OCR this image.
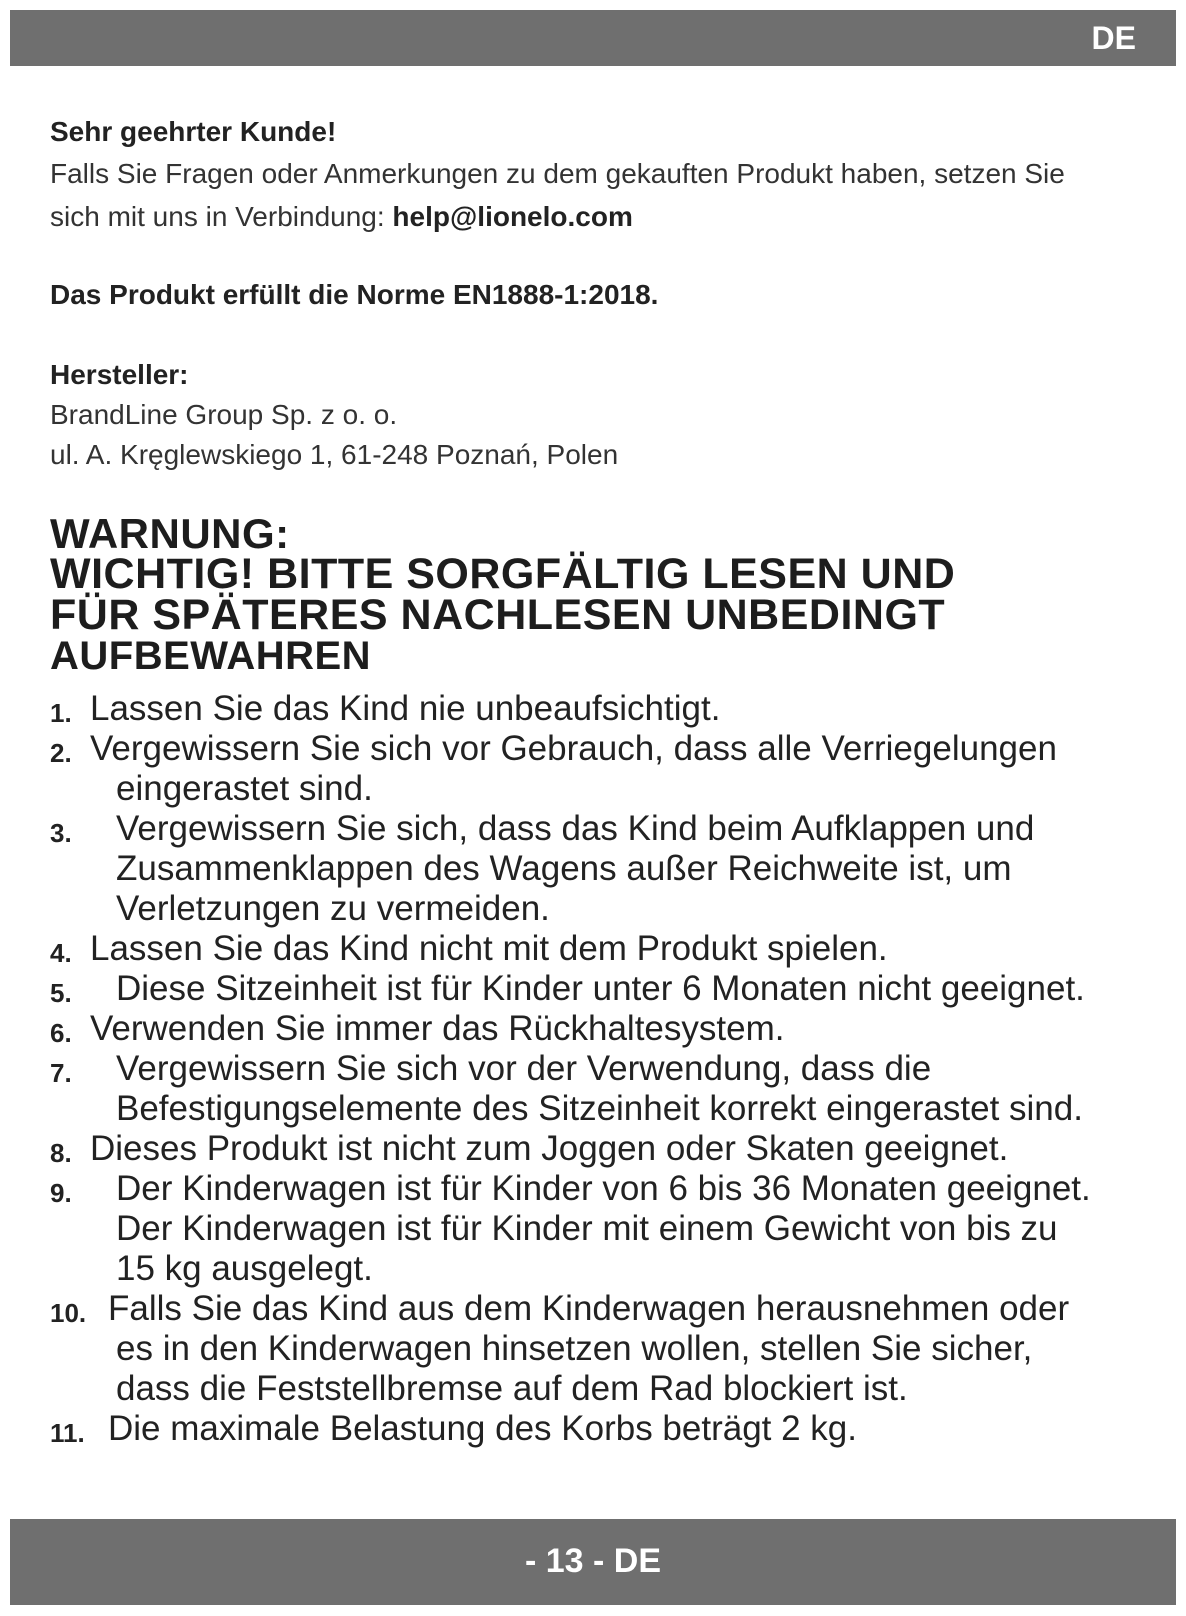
DE

Sehr geehrter Kunde!

Falls Sie Fragen oder Anmerkungen zu dem gekauften Produkt haben, setzen Sie
sich mit uns in Verbindung: help@lionelo.com

Das Produkt erfüllt die Norme EN1888-1:2018.

Hersteller:

BrandLine Group Sp. z o. o.

ul. A. Kręglewskiego 1, 61-248 Poznań, Polen

WARNUNG:
WICHTIG! BITTE SORGFÄLTIG LESEN UND
FÜR SPÄTERES NACHLESEN UNBEDINGT
AUFBEWAHREN
1. Lassen Sie das Kind nie unbeaufsichtigt.
2. Vergewissern Sie sich vor Gebrauch, dass alle Verriegelungen
eingerastet sind.
3. Vergewissern Sie sich, dass das Kind beim Aufklappen und
Zusammenklappen des Wagens außer Reichweite ist, um
Verletzungen zu vermeiden.
4. Lassen Sie das Kind nicht mit dem Produkt spielen.
5.	Diese Sitzeinheit ist für Kinder unter 6 Monaten nicht geeignet.
6. Verwenden Sie immer das Rückhaltesystem.
7. Vergewissern Sie sich vor der Verwendung, dass die
Befestigungselemente des Sitzeinheit korrekt eingerastet sind.
8. Dieses Produkt ist nicht zum Joggen oder Skaten geeignet.
9. Der Kinderwagen ist für Kinder von 6 bis 36 Monaten geeignet.
Der Kinderwagen ist für Kinder mit einem Gewicht von bis zu
15 kg ausgelegt.
10. Falls Sie das Kind aus dem Kinderwagen herausnehmen oder
es in den Kinderwagen hinsetzen wollen, stellen Sie sicher,
dass die Feststellbremse auf dem Rad blockiert ist.
11. Die maximale Belastung des Korbs beträgt 2 kg.
- 13 - DE
